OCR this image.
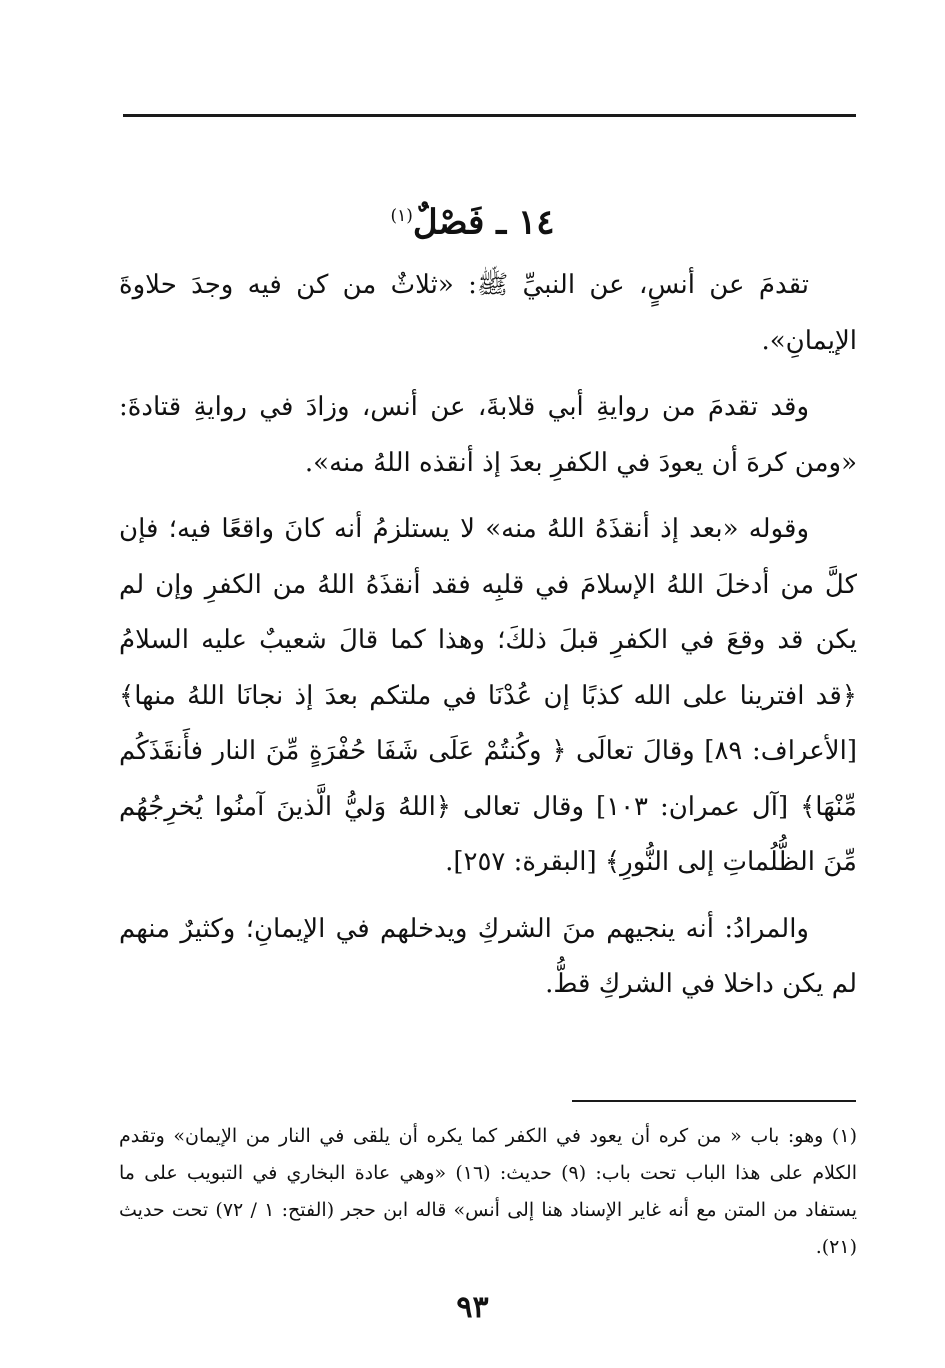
١٤ ـ فَصْلٌ$^{(١)}$

تقدمَ عن أنسٍ، عن النبيِّ ﷺ: «ثلاثٌ من كن فيه وجدَ حلاوةَ الإيمانِ».

وقد تقدمَ من روايةِ أبي قلابةَ، عن أنس، وزادَ في روايةِ قتادةَ: «ومن كرهَ أن يعودَ في الكفرِ بعدَ إذ أنقذه اللهُ منه».

وقوله «بعد إذ أنقذَهُ اللهُ منه» لا يستلزمُ أنه كانَ واقعًا فيه؛ فإن كلَّ من أدخلَ اللهُ الإسلامَ في قلبِه فقد أنقذَهُ اللهُ من الكفرِ وإن لم يكن قد وقعَ في الكفرِ قبلَ ذلكَ؛ وهذا كما قالَ شعيبٌ عليه السلامُ ﴿قد افترينا على الله كذبًا إن عُدْنَا في ملتكم بعدَ إذ نجانَا اللهُ منها﴾ [الأعراف: ٨٩] وقالَ تعالَى ﴿ وكُنتُمْ عَلَى شَفَا حُفْرَةٍ مِّنَ النار فأَنقَذَكُم مِّنْهَا﴾ [آل عمران: ١٠٣] وقال تعالى ﴿اللهُ وَليُّ الَّذينَ آمنُوا يُخرِجُهُم مِّنَ الظُّلُماتِ إلى النُّورِ﴾ [البقرة: ٢٥٧].

والمرادُ: أنه ينجيهم منَ الشركِ ويدخلهم في الإيمانِ؛ وكثيرٌ منهم لم يكن داخلا في الشركِ قطُّ.

(١) وهو: باب « من كره أن يعود في الكفر كما يكره أن يلقى في النار من الإيمان» وتقدم الكلام على هذا الباب تحت باب: (٩) حديث: (١٦) «وهي عادة البخاري في التبويب على ما يستفاد من المتن مع أنه غاير الإسناد هنا إلى أنس» قاله ابن حجر (الفتح: ١ / ٧٢) تحت حديث (٢١).

٩٣
